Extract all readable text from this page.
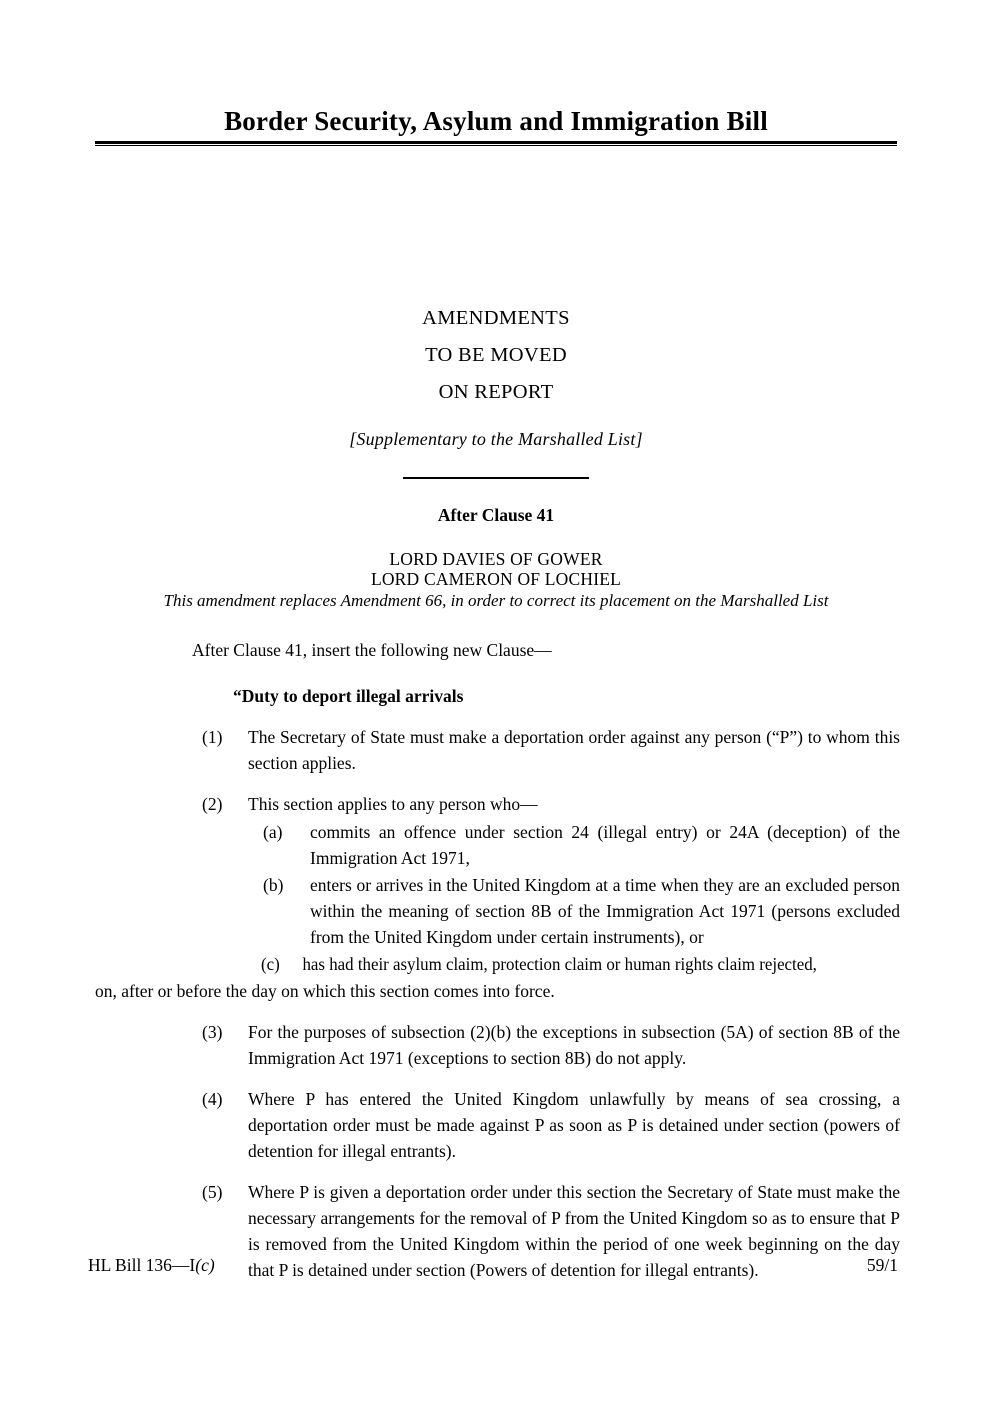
Border Security, Asylum and Immigration Bill
AMENDMENTS
TO BE MOVED
ON REPORT
[Supplementary to the Marshalled List]
After Clause 41
LORD DAVIES OF GOWER
LORD CAMERON OF LOCHIEL
This amendment replaces Amendment 66, in order to correct its placement on the Marshalled List
After Clause 41, insert the following new Clause—
“Duty to deport illegal arrivals
(1)	The Secretary of State must make a deportation order against any person (“P”) to whom this section applies.
(2)	This section applies to any person who—
(a)	commits an offence under section 24 (illegal entry) or 24A (deception) of the Immigration Act 1971,
(b)	enters or arrives in the United Kingdom at a time when they are an excluded person within the meaning of section 8B of the Immigration Act 1971 (persons excluded from the United Kingdom under certain instruments), or
(c)	has had their asylum claim, protection claim or human rights claim rejected,
on, after or before the day on which this section comes into force.
(3)	For the purposes of subsection (2)(b) the exceptions in subsection (5A) of section 8B of the Immigration Act 1971 (exceptions to section 8B) do not apply.
(4)	Where P has entered the United Kingdom unlawfully by means of sea crossing, a deportation order must be made against P as soon as P is detained under section (powers of detention for illegal entrants).
(5)	Where P is given a deportation order under this section the Secretary of State must make the necessary arrangements for the removal of P from the United Kingdom so as to ensure that P is removed from the United Kingdom within the period of one week beginning on the day that P is detained under section (Powers of detention for illegal entrants).
HL Bill 136—I(c)	59/1
